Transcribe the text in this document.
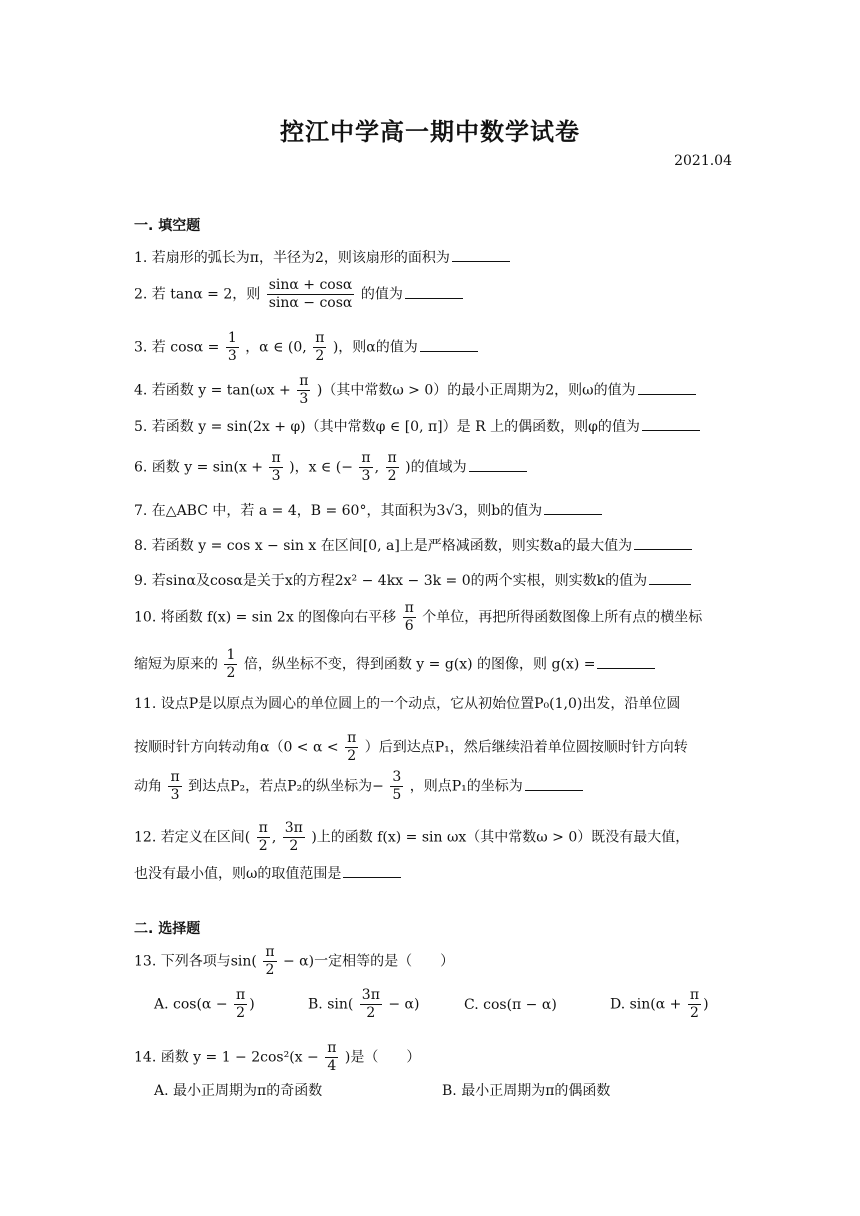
控江中学高一期中数学试卷
2021.04
一. 填空题
1. 若扇形的弧长为π，半径为2，则该扇形的面积为
2. 若 tanα = 2，则 $\frac{\sin\alpha + \cos\alpha}{\sin\alpha - \cos\alpha}$ 的值为
3. 若 $\cos\alpha = \frac{1}{3}$ ，α ∈ (0, $\frac{\pi}{2}$ )，则α的值为
4. 若函数 $y = \tan(\omega x + \frac{\pi}{3}$ )（其中常数ω > 0）的最小正周期为2，则ω的值为
5. 若函数 y = sin(2x + φ)（其中常数φ ∈ [0, π]）是 R 上的偶函数，则φ的值为
6. 函数 $y = \sin(x + \frac{\pi}{3}$ )，x ∈ (− $\frac{\pi}{3}$ , $\frac{\pi}{2}$ )的值域为
7. 在△ABC 中，若 a = 4，B = 60°，其面积为3√3，则b的值为
8. 若函数 y = cos x − sin x 在区间[0, a]上是严格减函数，则实数a的最大值为
9. 若sinα及cosα是关于x的方程2x² − 4kx − 3k = 0的两个实根，则实数k的值为
10. 将函数 f(x) = sin 2x 的图像向右平移 $\frac{\pi}{6}$ 个单位，再把所得函数图像上所有点的横坐标
缩短为原来的 $\frac{1}{2}$ 倍，纵坐标不变，得到函数 y = g(x) 的图像，则 g(x) =
11. 设点P是以原点为圆心的单位圆上的一个动点，它从初始位置P₀(1,0)出发，沿单位圆
按顺时针方向转动角$\alpha(0 < \alpha < \frac{\pi}{2}$ ）后到达点P₁，然后继续沿着单位圆按顺时针方向转
动角 $\frac{\pi}{3}$ 到达点P₂，若点P₂的纵坐标为− $\frac{3}{5}$ ，则点P₁的坐标为
12. 若定义在区间( $\frac{\pi}{2}$ , $\frac{3\pi}{2}$ )上的函数 f(x) = sin ωx（其中常数ω > 0）既没有最大值，
也没有最小值，则ω的取值范围是
二. 选择题
13. 下列各项与$\sin( \frac{\pi}{2} - \alpha)$一定相等的是（　　）
A. $\cos(\alpha - \frac{\pi}{2}$ )	B. $\sin( \frac{3\pi}{2} - \alpha)$	C. cos(π − α)	D. $\sin(\alpha + \frac{\pi}{2}$ )
14. 函数 $y = 1 - 2\cos^2(x - \frac{\pi}{4}$ )是（　　）
A. 最小正周期为π的奇函数	B. 最小正周期为π的偶函数
